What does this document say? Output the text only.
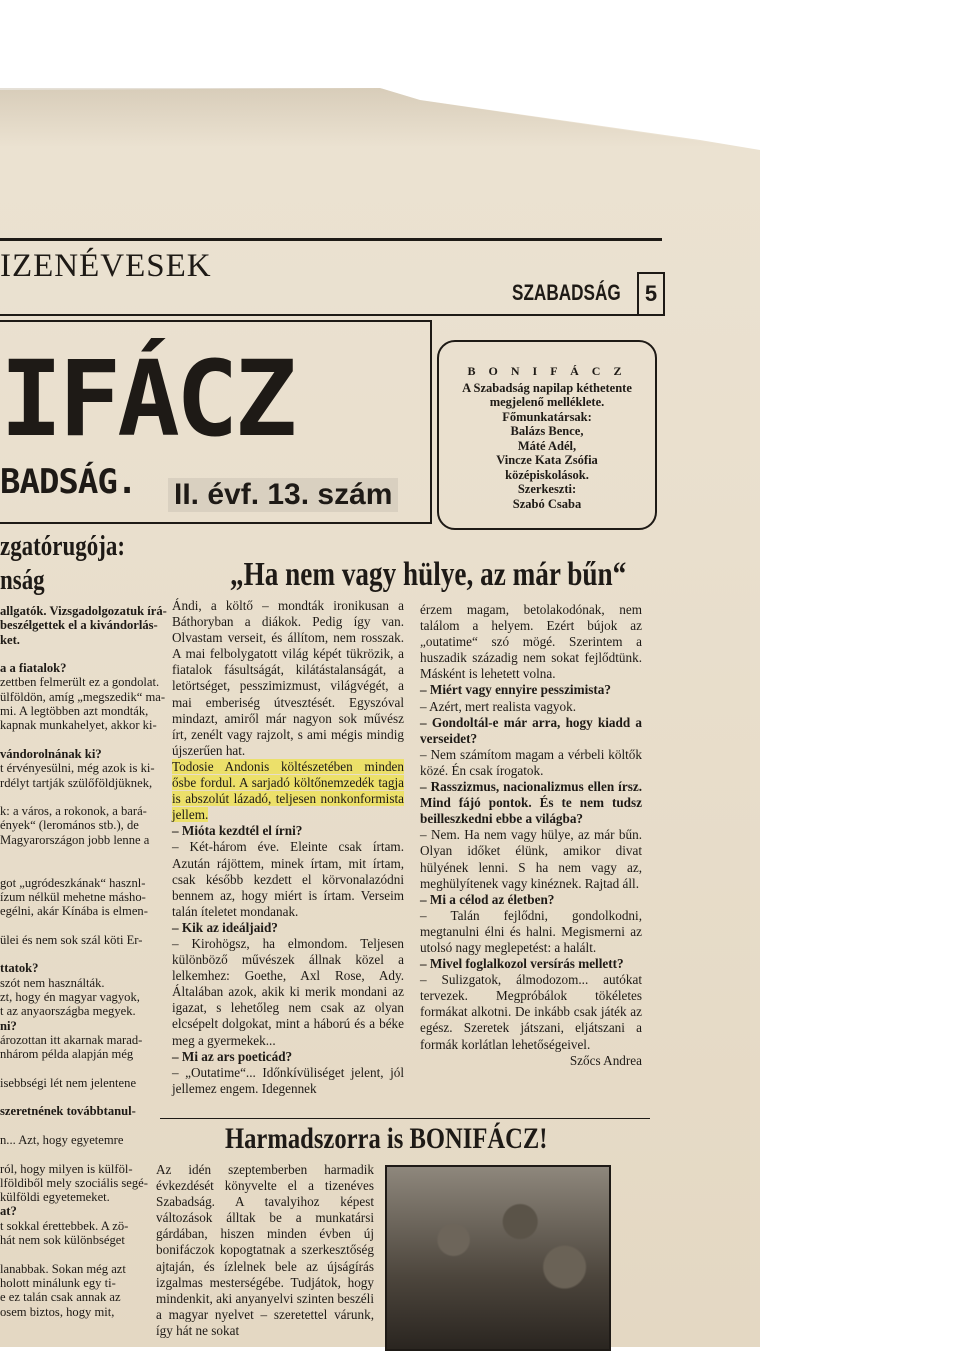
IZENÉVESEK
SZABADSÁG	5
IFÁCZ
BADSÁG. II. évf. 13. szám
B O N I F Á C Z
A Szabadság napilap kéthetente
megjelenő melléklete.
Főmunkatársak:
Balázs Bence,
Máté Adél,
Vincze Kata Zsófia
középiskolások.
Szerkeszti:
Szabó Csaba
zgatórugója:
nság
allgatók. Vizsgadolgozatuk írá-
beszélgettek el a kivándorlás-
ket.

a a fiatalok?
zettben felmerült ez a gondolat.
ülföldön, amíg „megszedik“ ma-
mi. A legtöbben azt mondták,
kapnak munkahelyet, akkor ki-

vándorolnának ki?
t érvényesülni, még azok is ki-
rdélyt tartják szülőföldjüknek,

k: a város, a rokonok, a bará-
ények“ (leromános stb.), de
Magyarországon jobb lenne a

got „ugródeszkának“ hasznl-
ízum nélkül mehetne másho-
egélni, akár Kínába is elmen-

ülei és nem sok szál köti Er-

ttatok?
szót nem használták.
zt, hogy én magyar vagyok,
t az anyaországba megyek.
ni?
ározottan itt akarnak marad-
nhárom példa alapján még

isebbségi lét nem jelentene

szeretnének továbbtanul-

n... Azt, hogy egyetemre

ról, hogy milyen is külföl-
lföldiből mely szociális segé-
külföldi egyetemeket.
at?
t sokkal érettebbek. A zö-
hát nem sok különbséget

lanabbak. Sokan még azt
holott minálunk egy ti-
e ez talán csak annak az
osem biztos, hogy mit,
„Ha nem vagy hülye, az már bűn“

Ándi, a költő – mondták ironikusan a Báthoryban a diákok. Pedig így van. Olvastam verseit, és állítom, nem rosszak. A mai felbolygatott világ képét tükrözik, a fiatalok fásultságát, kilátástalanságát, a letörtséget, pesszimizmust, világvégét, a mai emberiség útvesztését. Egyszóval mindazt, amiről már nagyon sok művész írt, zenélt vagy rajzolt, s ami mégis mindig újszerűen hat.

Todosie Andonis költészetében minden ősbe fordul. A sarjadó költőnemzedék tagja is abszolút lázadó, teljesen nonkonformista jellem.

– Mióta kezdtél el írni?

– Két-három éve. Eleinte csak írtam. Azután rájöttem, minek írtam, mit írtam, csak később kezdett el körvonalazódni bennem az, hogy miért is írtam. Verseim talán íteletet mondanak.

– Kik az ideáljaid?

– Kirohögsz, ha elmondom. Teljesen különböző művészek állnak közel a lelkemhez: Goethe, Axl Rose, Ady. Általában azok, akik ki merik mondani az igazat, s lehetőleg nem csak az olyan elcsépelt dolgokat, mint a háború és a béke meg a gyermekek...

– Mi az ars poeticád?

– „Outatime“... Időnkívüliséget jelent, jól jellemez engem. Idegennek

érzem magam, betolakodónak, nem találom a helyem. Ezért bújok az „outatime“ szó mögé. Szerintem a huszadik századig nem sokat fejlődtünk. Másként is lehetett volna.

– Miért vagy ennyire pesszimista?

– Azért, mert realista vagyok.

– Gondoltál-e már arra, hogy kiadd a verseidet?

– Nem számítom magam a vérbeli költők közé. Én csak írogatok.

– Rasszizmus, nacionalizmus ellen írsz. Mind fájó pontok. És te nem tudsz beilleszkedni ebbe a világba?

– Nem. Ha nem vagy hülye, az már bűn. Olyan időket élünk, amikor divat hülyének lenni. S ha nem vagy az, meghülyítenek vagy kinéznek. Rajtad áll.

– Mi a célod az életben?

– Talán fejlődni, gondolkodni, megtanulni élni és halni. Megismerni az utolsó nagy meglepetést: a halált.

– Mivel foglalkozol versírás mellett?

– Sulizgatok, álmodozom... autókat tervezek. Megpróbálok tökéletes formákat alkotni. De inkább csak játék az egész. Szeretek játszani, eljátszani a formák korlátlan lehetőségeivel.

Szőcs Andrea

Harmadszorra is BONIFÁCZ!
Az idén szeptemberben harmadik évkezdését könyvelte el a tizenéves Szabadság. A tavalyihoz képest változások álltak be a munkatársi gárdában, hiszen minden évben új bonifáczok kopogtatnak a szerkesztőség ajtaján, és ízlelnek bele az újságírás izgalmas mesterségébe. Tudjátok, hogy mindenkit, aki anyanyelvi szinten beszéli a magyar nyelvet – szeretettel várunk, így hát ne sokat
